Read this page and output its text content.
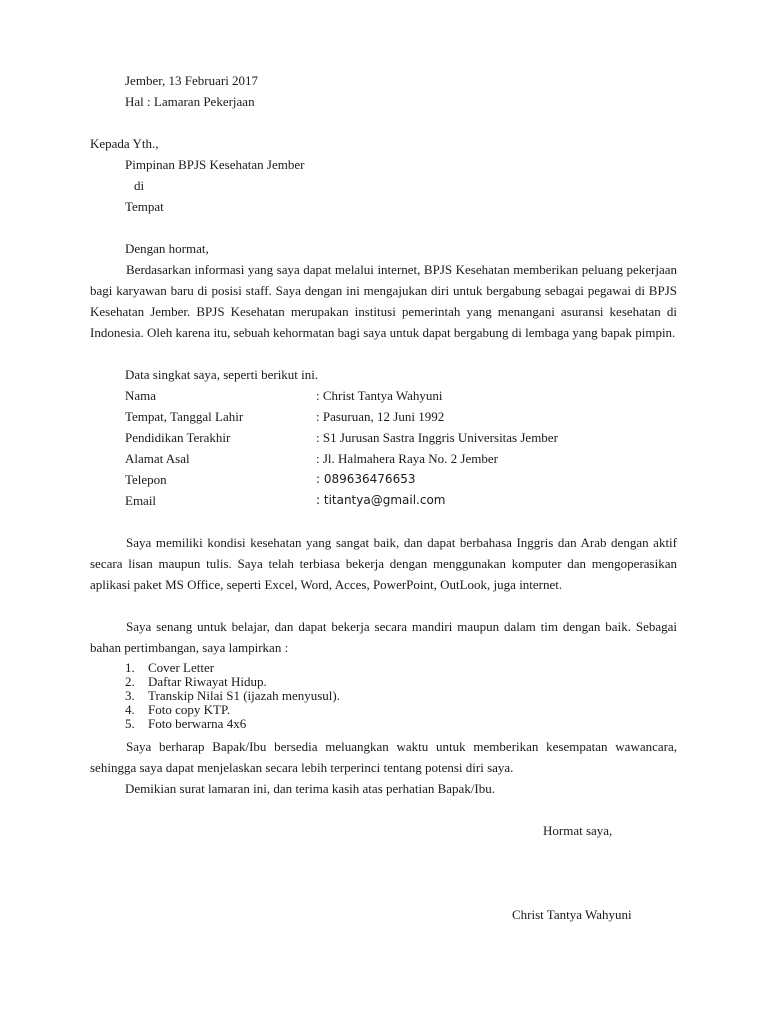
Jember, 13 Februari 2017
Hal : Lamaran Pekerjaan
Kepada Yth.,
Pimpinan BPJS Kesehatan Jember
di
Tempat
Dengan hormat,
Berdasarkan informasi yang saya dapat melalui internet, BPJS Kesehatan memberikan peluang pekerjaan bagi karyawan baru di posisi staff. Saya dengan ini mengajukan diri untuk bergabung sebagai pegawai di BPJS Kesehatan Jember. BPJS Kesehatan merupakan institusi pemerintah yang menangani asuransi kesehatan di Indonesia. Oleh karena itu, sebuah kehormatan bagi saya untuk dapat bergabung di lembaga yang bapak pimpin.
Data singkat saya, seperti berikut ini.
Nama	: Christ Tantya Wahyuni
Tempat, Tanggal Lahir	: Pasuruan, 12 Juni 1992
Pendidikan Terakhir	: S1 Jurusan Sastra Inggris Universitas Jember
Alamat Asal	: Jl. Halmahera Raya No. 2 Jember
Telepon	: 089636476653
Email	: titantya@gmail.com
Saya memiliki kondisi kesehatan yang sangat baik, dan dapat berbahasa Inggris dan Arab dengan aktif secara lisan maupun tulis. Saya telah terbiasa bekerja dengan menggunakan komputer dan mengoperasikan aplikasi paket MS Office, seperti Excel, Word, Acces, PowerPoint, OutLook, juga internet.
Saya senang untuk belajar, dan dapat bekerja secara mandiri maupun dalam tim dengan baik. Sebagai bahan pertimbangan, saya lampirkan :
1. Cover Letter
2. Daftar Riwayat Hidup.
3. Transkip Nilai S1 (ijazah menyusul).
4. Foto copy KTP.
5. Foto berwarna 4x6
Saya berharap Bapak/Ibu bersedia meluangkan waktu untuk memberikan kesempatan wawancara, sehingga saya dapat menjelaskan secara lebih terperinci tentang potensi diri saya.
Demikian surat lamaran ini, dan terima kasih atas perhatian Bapak/Ibu.
Hormat saya,
Christ Tantya Wahyuni
